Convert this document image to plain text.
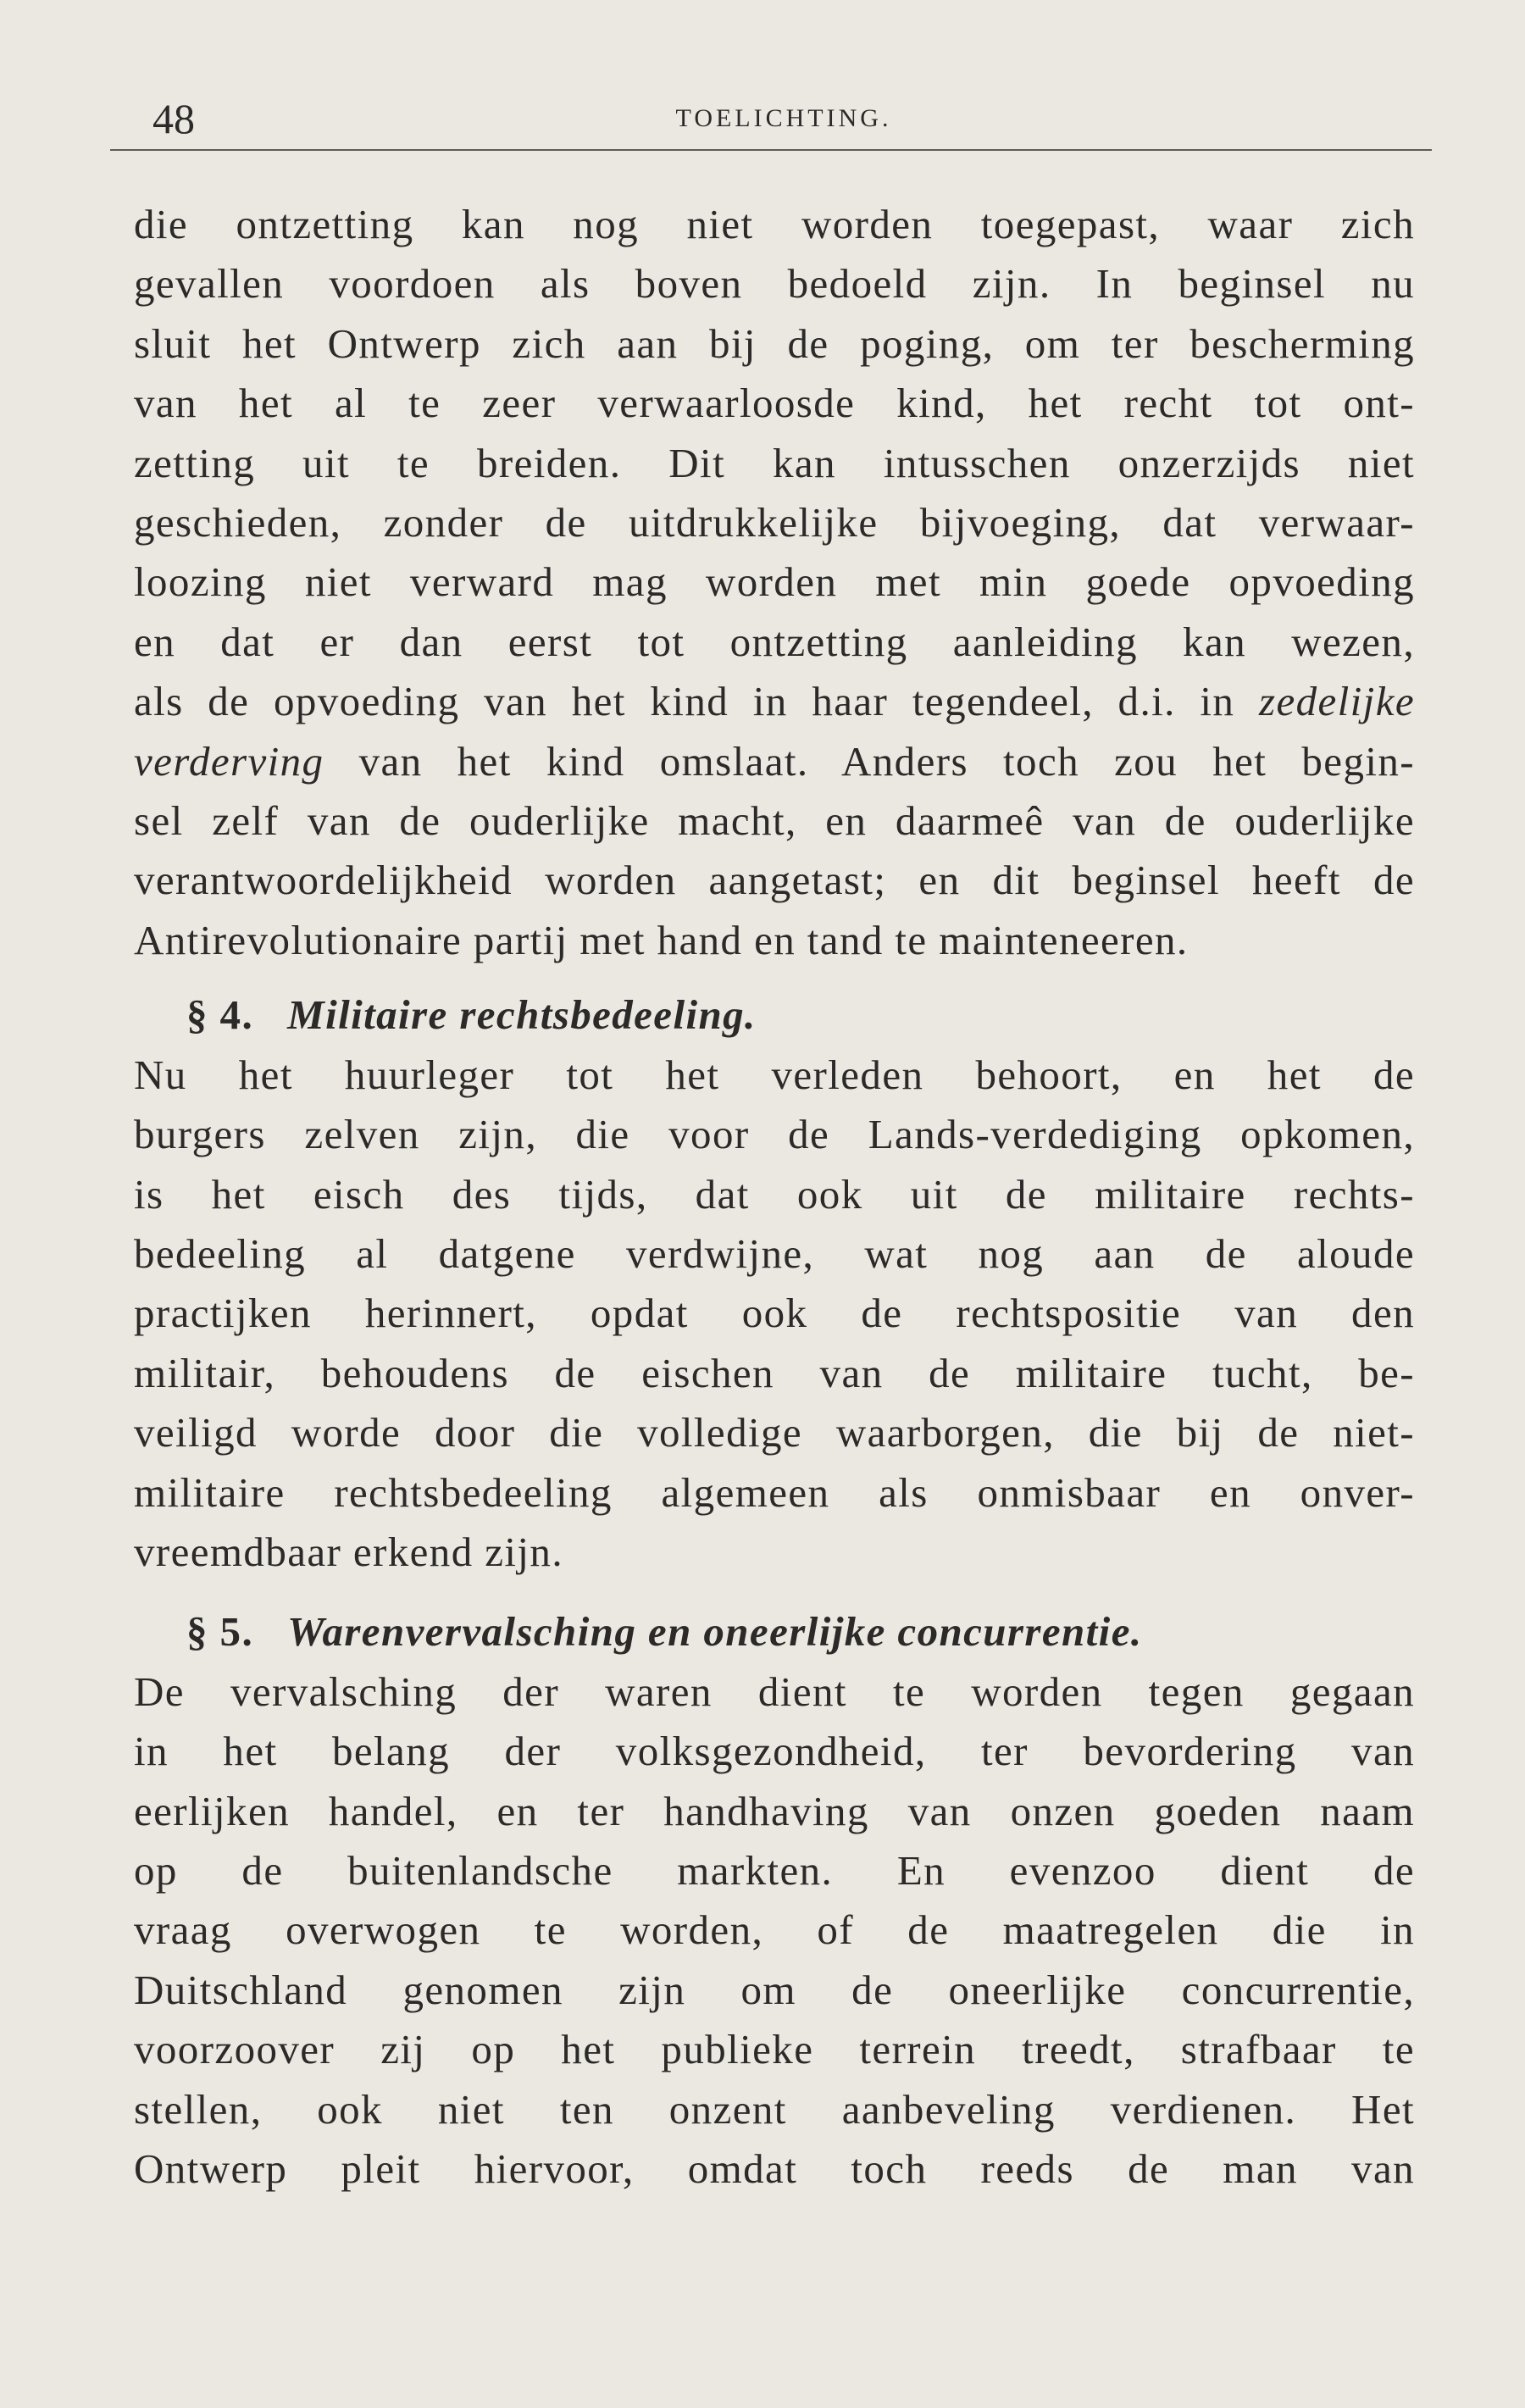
TOELICHTING.
48

die ontzetting kan nog niet worden toegepast, waar zich
gevallen voordoen als boven bedoeld zijn. In beginsel nu
sluit het Ontwerp zich aan bij de poging, om ter bescherming
van het al te zeer verwaarloosde kind, het recht tot ont-
zetting uit te breiden. Dit kan intusschen onzerzijds niet
geschieden, zonder de uitdrukkelijke bijvoeging, dat verwaar-
loozing niet verward mag worden met min goede opvoeding
en dat er dan eerst tot ontzetting aanleiding kan wezen,
als de opvoeding van het kind in haar tegendeel, d.i. in zedelijke
verderving van het kind omslaat. Anders toch zou het begin-
sel zelf van de ouderlijke macht, en daarmeê van de ouderlijke
verantwoordelijkheid worden aangetast; en dit beginsel heeft de
Antirevolutionaire partij met hand en tand te mainteneeren.

§ 4. Militaire rechtsbedeeling.

Nu het huurleger tot het verleden behoort, en het de
burgers zelven zijn, die voor de Lands-verdediging opkomen,
is het eisch des tijds, dat ook uit de militaire rechts-
bedeeling al datgene verdwijne, wat nog aan de aloude
practijken herinnert, opdat ook de rechtspositie van den
militair, behoudens de eischen van de militaire tucht, be-
veiligd worde door die volledige waarborgen, die bij de niet-
militaire rechtsbedeeling algemeen als onmisbaar en onver-
vreemdbaar erkend zijn.

§ 5. Warenvervalsching en oneerlijke concurrentie.

De vervalsching der waren dient te worden tegen gegaan
in het belang der volksgezondheid, ter bevordering van
eerlijken handel, en ter handhaving van onzen goeden naam
op de buitenlandsche markten. En evenzoo dient de
vraag overwogen te worden, of de maatregelen die in
Duitschland genomen zijn om de oneerlijke concurrentie,
voorzoover zij op het publieke terrein treedt, strafbaar te
stellen, ook niet ten onzent aanbeveling verdienen. Het
Ontwerp pleit hiervoor, omdat toch reeds de man van
